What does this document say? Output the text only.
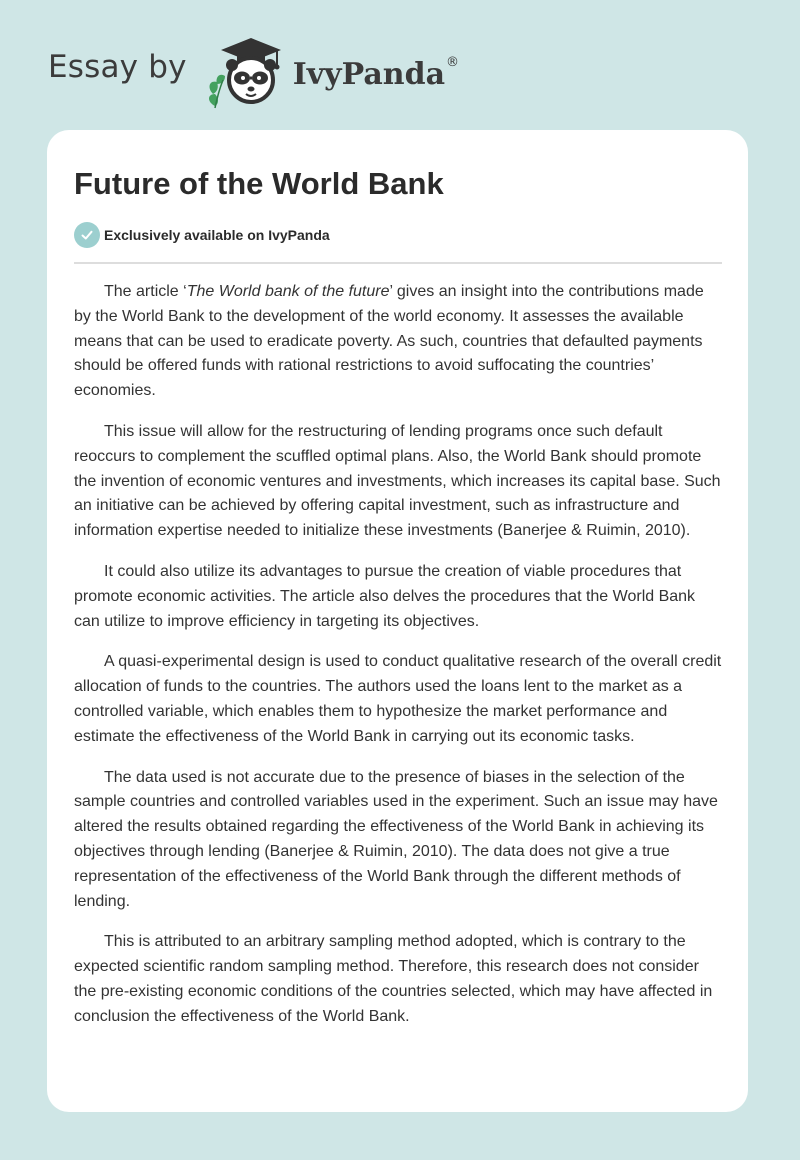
Essay by	IvyPanda ®
Future of the World Bank
Exclusively available on IvyPanda

The article ‘The World bank of the future’ gives an insight into the contributions made by the World Bank to the development of the world economy. It assesses the available means that can be used to eradicate poverty. As such, countries that defaulted payments should be offered funds with rational restrictions to avoid suffocating the countries’ economies.

This issue will allow for the restructuring of lending programs once such default reoccurs to complement the scuffled optimal plans. Also, the World Bank should promote the invention of economic ventures and investments, which increases its capital base. Such an initiative can be achieved by offering capital investment, such as infrastructure and information expertise needed to initialize these investments (Banerjee & Ruimin, 2010).

It could also utilize its advantages to pursue the creation of viable procedures that promote economic activities. The article also delves the procedures that the World Bank can utilize to improve efficiency in targeting its objectives.

A quasi-experimental design is used to conduct qualitative research of the overall credit allocation of funds to the countries. The authors used the loans lent to the market as a controlled variable, which enables them to hypothesize the market performance and estimate the effectiveness of the World Bank in carrying out its economic tasks.

The data used is not accurate due to the presence of biases in the selection of the sample countries and controlled variables used in the experiment. Such an issue may have altered the results obtained regarding the effectiveness of the World Bank in achieving its objectives through lending (Banerjee & Ruimin, 2010). The data does not give a true representation of the effectiveness of the World Bank through the different methods of lending.

This is attributed to an arbitrary sampling method adopted, which is contrary to the expected scientific random sampling method. Therefore, this research does not consider the pre-existing economic conditions of the countries selected, which may have affected in conclusion the effectiveness of the World Bank.
